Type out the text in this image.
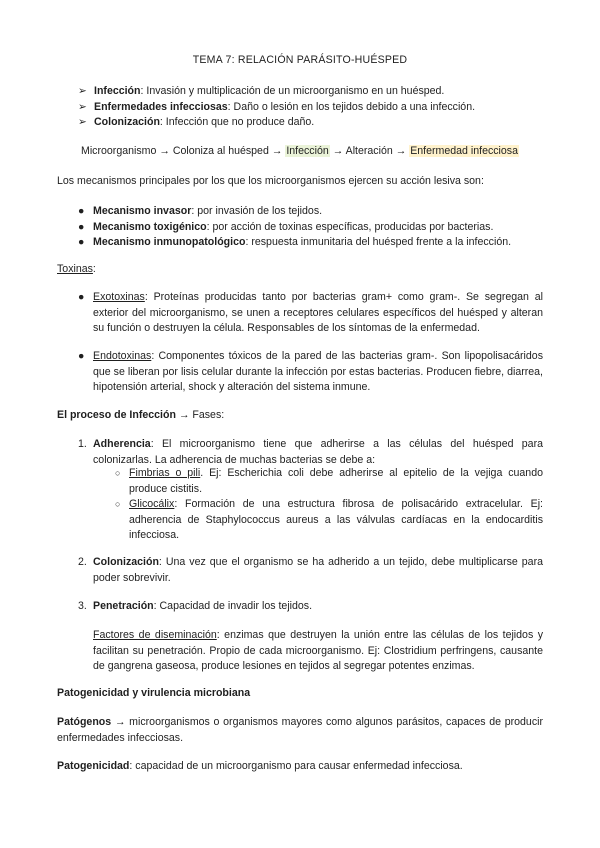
TEMA 7: RELACIÓN PARÁSITO-HUÉSPED
➢ Infección: Invasión y multiplicación de un microorganismo en un huésped.
➢ Enfermedades infecciosas: Daño o lesión en los tejidos debido a una infección.
➢ Colonización: Infección que no produce daño.
Microorganismo → Coloniza al huésped → Infección → Alteración → Enfermedad infecciosa
Los mecanismos principales por los que los microorganismos ejercen su acción lesiva son:
● Mecanismo invasor: por invasión de los tejidos.
● Mecanismo toxigénico: por acción de toxinas específicas, producidas por bacterias.
● Mecanismo inmunopatológico: respuesta inmunitaria del huésped frente a la infección.
Toxinas:
● Exotoxinas: Proteínas producidas tanto por bacterias gram+ como gram-. Se segregan al exterior del microorganismo, se unen a receptores celulares específicos del huésped y alteran su función o destruyen la célula. Responsables de los síntomas de la enfermedad.
● Endotoxinas: Componentes tóxicos de la pared de las bacterias gram-. Son lipopolisacáridos que se liberan por lisis celular durante la infección por estas bacterias. Producen fiebre, diarrea, hipotensión arterial, shock y alteración del sistema inmune.
El proceso de Infección → Fases:
1. Adherencia: El microorganismo tiene que adherirse a las células del huésped para colonizarlas. La adherencia de muchas bacterias se debe a:
○ Fimbrias o pili. Ej: Escherichia coli debe adherirse al epitelio de la vejiga cuando produce cistitis.
○ Glicocálix: Formación de una estructura fibrosa de polisacárido extracelular. Ej: adherencia de Staphylococcus aureus a las válvulas cardíacas en la endocarditis infecciosa.
2. Colonización: Una vez que el organismo se ha adherido a un tejido, debe multiplicarse para poder sobrevivir.
3. Penetración: Capacidad de invadir los tejidos.
Factores de diseminación: enzimas que destruyen la unión entre las células de los tejidos y facilitan su penetración. Propio de cada microorganismo. Ej: Clostridium perfringens, causante de gangrena gaseosa, produce lesiones en tejidos al segregar potentes enzimas.
Patogenicidad y virulencia microbiana
Patógenos → microorganismos o organismos mayores como algunos parásitos, capaces de producir enfermedades infecciosas.
Patogenicidad: capacidad de un microorganismo para causar enfermedad infecciosa.
